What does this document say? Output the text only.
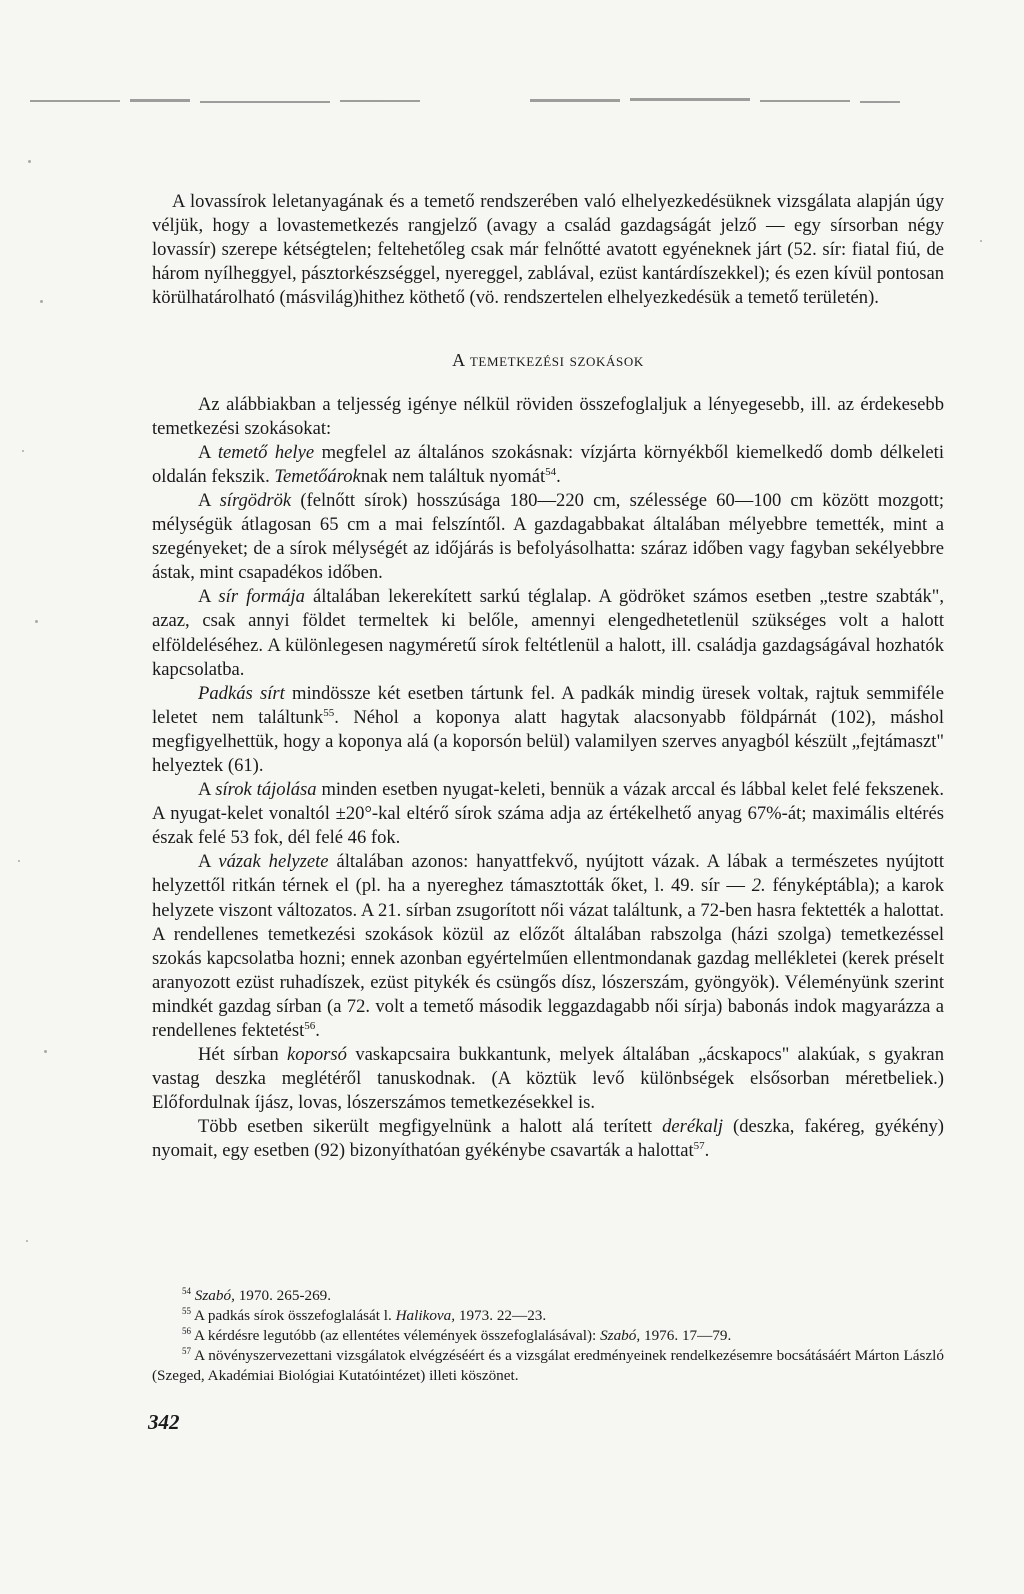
A lovassírok leletanyagának és a temető rendszerében való elhelyezkedésüknek vizsgálata alapján úgy véljük, hogy a lovastemetkezés rangjelző (avagy a család gazdagságát jelző — egy sírsorban négy lovassír) szerepe kétségtelen; feltehetőleg csak már felnőtté avatott egyéneknek járt (52. sír: fiatal fiú, de három nyílheggyel, pásztorkészséggel, nyereggel, zablával, ezüst kantárdíszekkel); és ezen kívül pontosan körülhatárolható (másvilág)hithez köthető (vö. rendszertelen elhelyezkedésük a temető területén).

A temetkezési szokások

Az alábbiakban a teljesség igénye nélkül röviden összefoglaljuk a lényegesebb, ill. az érdekesebb temetkezési szokásokat:

A temető helye megfelel az általános szokásnak: vízjárta környékből kiemelkedő domb délkeleti oldalán fekszik. Temetőároknak nem találtuk nyomát$^{54}$.

A sírgödrök (felnőtt sírok) hosszúsága 180—220 cm, szélessége 60—100 cm között mozgott; mélységük átlagosan 65 cm a mai felszíntől. A gazdagabbakat általában mélyebbre temették, mint a szegényeket; de a sírok mélységét az időjárás is befolyásolhatta: száraz időben vagy fagyban sekélyebbre ástak, mint csapadékos időben.

A sír formája általában lekerekített sarkú téglalap. A gödröket számos esetben „testre szabták", azaz, csak annyi földet termeltek ki belőle, amennyi elengedhetetlenül szükséges volt a halott elföldeléséhez. A különlegesen nagyméretű sírok feltétlenül a halott, ill. családja gazdagságával hozhatók kapcsolatba.

Padkás sírt mindössze két esetben tártunk fel. A padkák mindig üresek voltak, rajtuk semmiféle leletet nem találtunk$^{55}$. Néhol a koponya alatt hagytak alacsonyabb földpárnát (102), máshol megfigyelhettük, hogy a koponya alá (a koporsón belül) valamilyen szerves anyagból készült „fejtámaszt" helyeztek (61).

A sírok tájolása minden esetben nyugat-keleti, bennük a vázak arccal és lábbal kelet felé fekszenek. A nyugat-kelet vonaltól ±20°-kal eltérő sírok száma adja az értékelhető anyag 67%-át; maximális eltérés észak felé 53 fok, dél felé 46 fok.

A vázak helyzete általában azonos: hanyattfekvő, nyújtott vázak. A lábak a természetes nyújtott helyzettől ritkán térnek el (pl. ha a nyereghez támasztották őket, l. 49. sír — 2. fényképtábla); a karok helyzete viszont változatos. A 21. sírban zsugorított női vázat találtunk, a 72-ben hasra fektették a halottat. A rendellenes temetkezési szokások közül az előzőt általában rabszolga (házi szolga) temetkezéssel szokás kapcsolatba hozni; ennek azonban egyértelműen ellentmondanak gazdag mellékletei (kerek préselt aranyozott ezüst ruhadíszek, ezüst pitykék és csüngős dísz, lószerszám, gyöngyök). Véleményünk szerint mindkét gazdag sírban (a 72. volt a temető második leggazdagabb női sírja) babonás indok magyarázza a rendellenes fektetést$^{56}$.

Hét sírban koporsó vaskapcsaira bukkantunk, melyek általában „ácskapocs" alakúak, s gyakran vastag deszka meglétéről tanuskodnak. (A köztük levő különbségek elsősorban méretbeliek.) Előfordulnak íjász, lovas, lószerszámos temetkezésekkel is.

Több esetben sikerült megfigyelnünk a halott alá terített derékalj (deszka, fakéreg, gyékény) nyomait, egy esetben (92) bizonyíthatóan gyékénybe csavarták a halottat$^{57}$.

$^{54}$ Szabó, 1970. 265-269.

$^{55}$ A padkás sírok összefoglalását l. Halikova, 1973. 22—23.

$^{56}$ A kérdésre legutóbb (az ellentétes vélemények összefoglalásával): Szabó, 1976. 17—79.

$^{57}$ A növényszervezettani vizsgálatok elvégzéséért és a vizsgálat eredményeinek rendelkezésemre bocsátásáért Márton László (Szeged, Akadémiai Biológiai Kutatóintézet) illeti köszönet.

342
